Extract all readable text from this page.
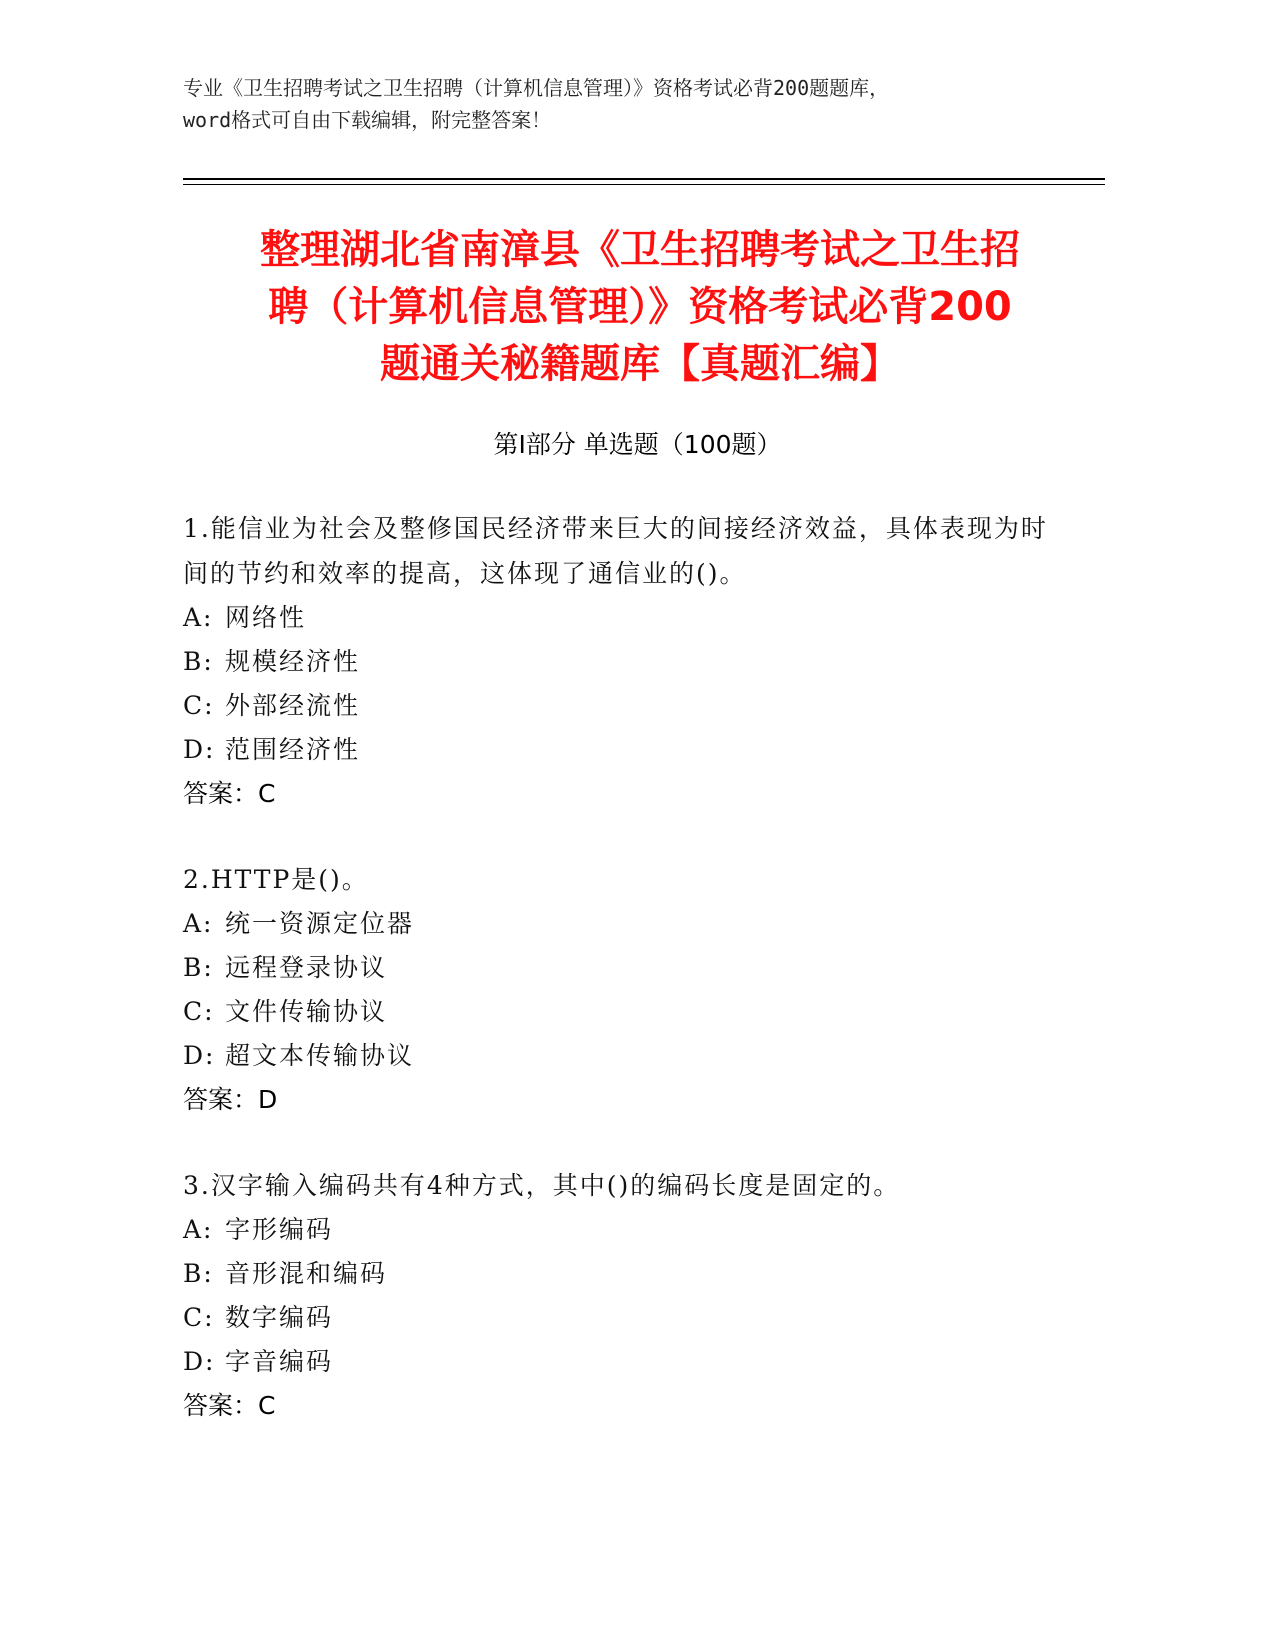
专业《卫生招聘考试之卫生招聘（计算机信息管理）》资格考试必背200题题库，
word格式可自由下载编辑，附完整答案！
整理湖北省南漳县《卫生招聘考试之卫生招
聘（计算机信息管理）》资格考试必背200
题通关秘籍题库【真题汇编】
第Ⅰ部分 单选题（100题）
1.能信业为社会及整修国民经济带来巨大的间接经济效益，具体表现为时间的节约和效率的提高，这体现了通信业的()。
A: 网络性
B: 规模经济性
C: 外部经流性
D: 范围经济性
答案：C
2.HTTP是()。
A: 统一资源定位器
B: 远程登录协议
C: 文件传输协议
D: 超文本传输协议
答案：D
3.汉字输入编码共有4种方式，其中()的编码长度是固定的。
A: 字形编码
B: 音形混和编码
C: 数字编码
D: 字音编码
答案：C
